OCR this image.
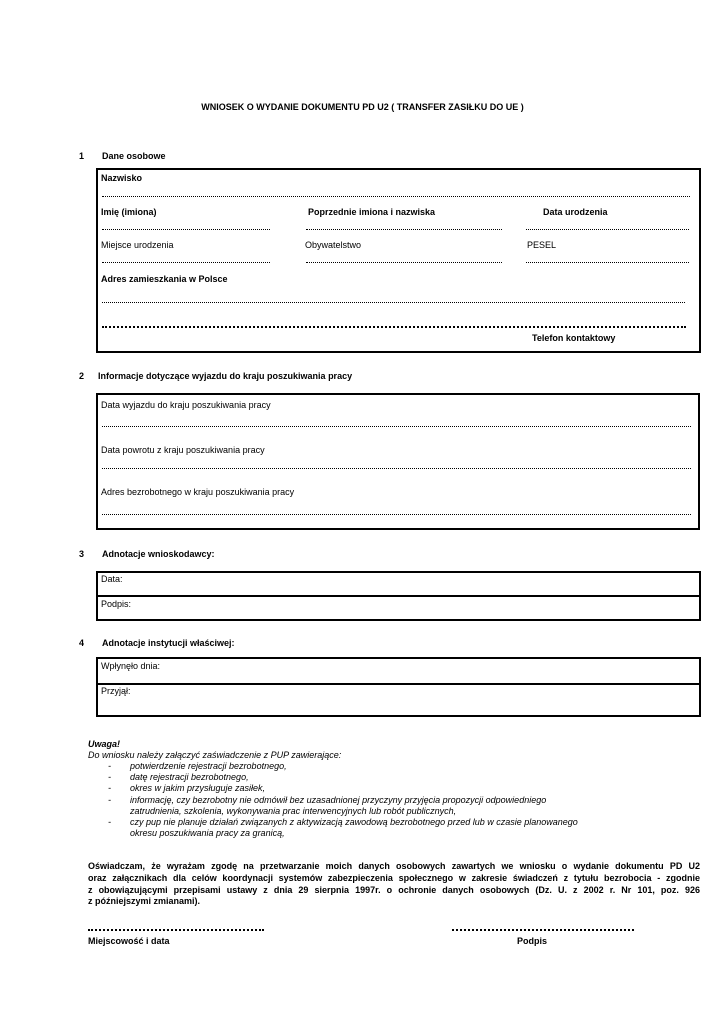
WNIOSEK O WYDANIE DOKUMENTU PD U2 ( TRANSFER ZASIŁKU DO UE )
1 Dane osobowe
Nazwisko
Imię (imiona)	Poprzednie imiona i nazwiska	Data urodzenia
Miejsce urodzenia	Obywatelstwo	PESEL
Adres zamieszkania w Polsce
Telefon kontaktowy
2 Informacje dotyczące wyjazdu do kraju poszukiwania pracy
Data wyjazdu do kraju poszukiwania pracy
Data powrotu z kraju poszukiwania pracy
Adres bezrobotnego w kraju poszukiwania pracy
3 Adnotacje wnioskodawcy:
Data:
Podpis:
4 Adnotacje instytucji właściwej:
Wpłynęło dnia:
Przyjął:
Uwaga!
Do wniosku należy załączyć zaświadczenie z PUP zawierające:
- potwierdzenie rejestracji bezrobotnego,
- datę rejestracji bezrobotnego,
- okres w jakim przysługuje zasiłek,
- informację, czy bezrobotny nie odmówił bez uzasadnionej przyczyny przyjęcia propozycji odpowiedniego
zatrudnienia, szkolenia, wykonywania prac interwencyjnych lub robót publicznych,
- czy pup nie planuje działań związanych z aktywizacją zawodową bezrobotnego przed lub w czasie planowanego
okresu poszukiwania pracy za granicą,
Oświadczam, że wyrażam zgodę na przetwarzanie moich danych osobowych zawartych we wniosku o wydanie dokumentu PD U2
oraz załącznikach dla celów koordynacji systemów zabezpieczenia społecznego w zakresie świadczeń z tytułu bezrobocia - zgodnie
z obowiązującymi przepisami ustawy z dnia 29 sierpnia 1997r. o ochronie danych osobowych (Dz. U. z 2002 r. Nr 101, poz. 926
z późniejszymi zmianami).
Miejscowość i data	Podpis
